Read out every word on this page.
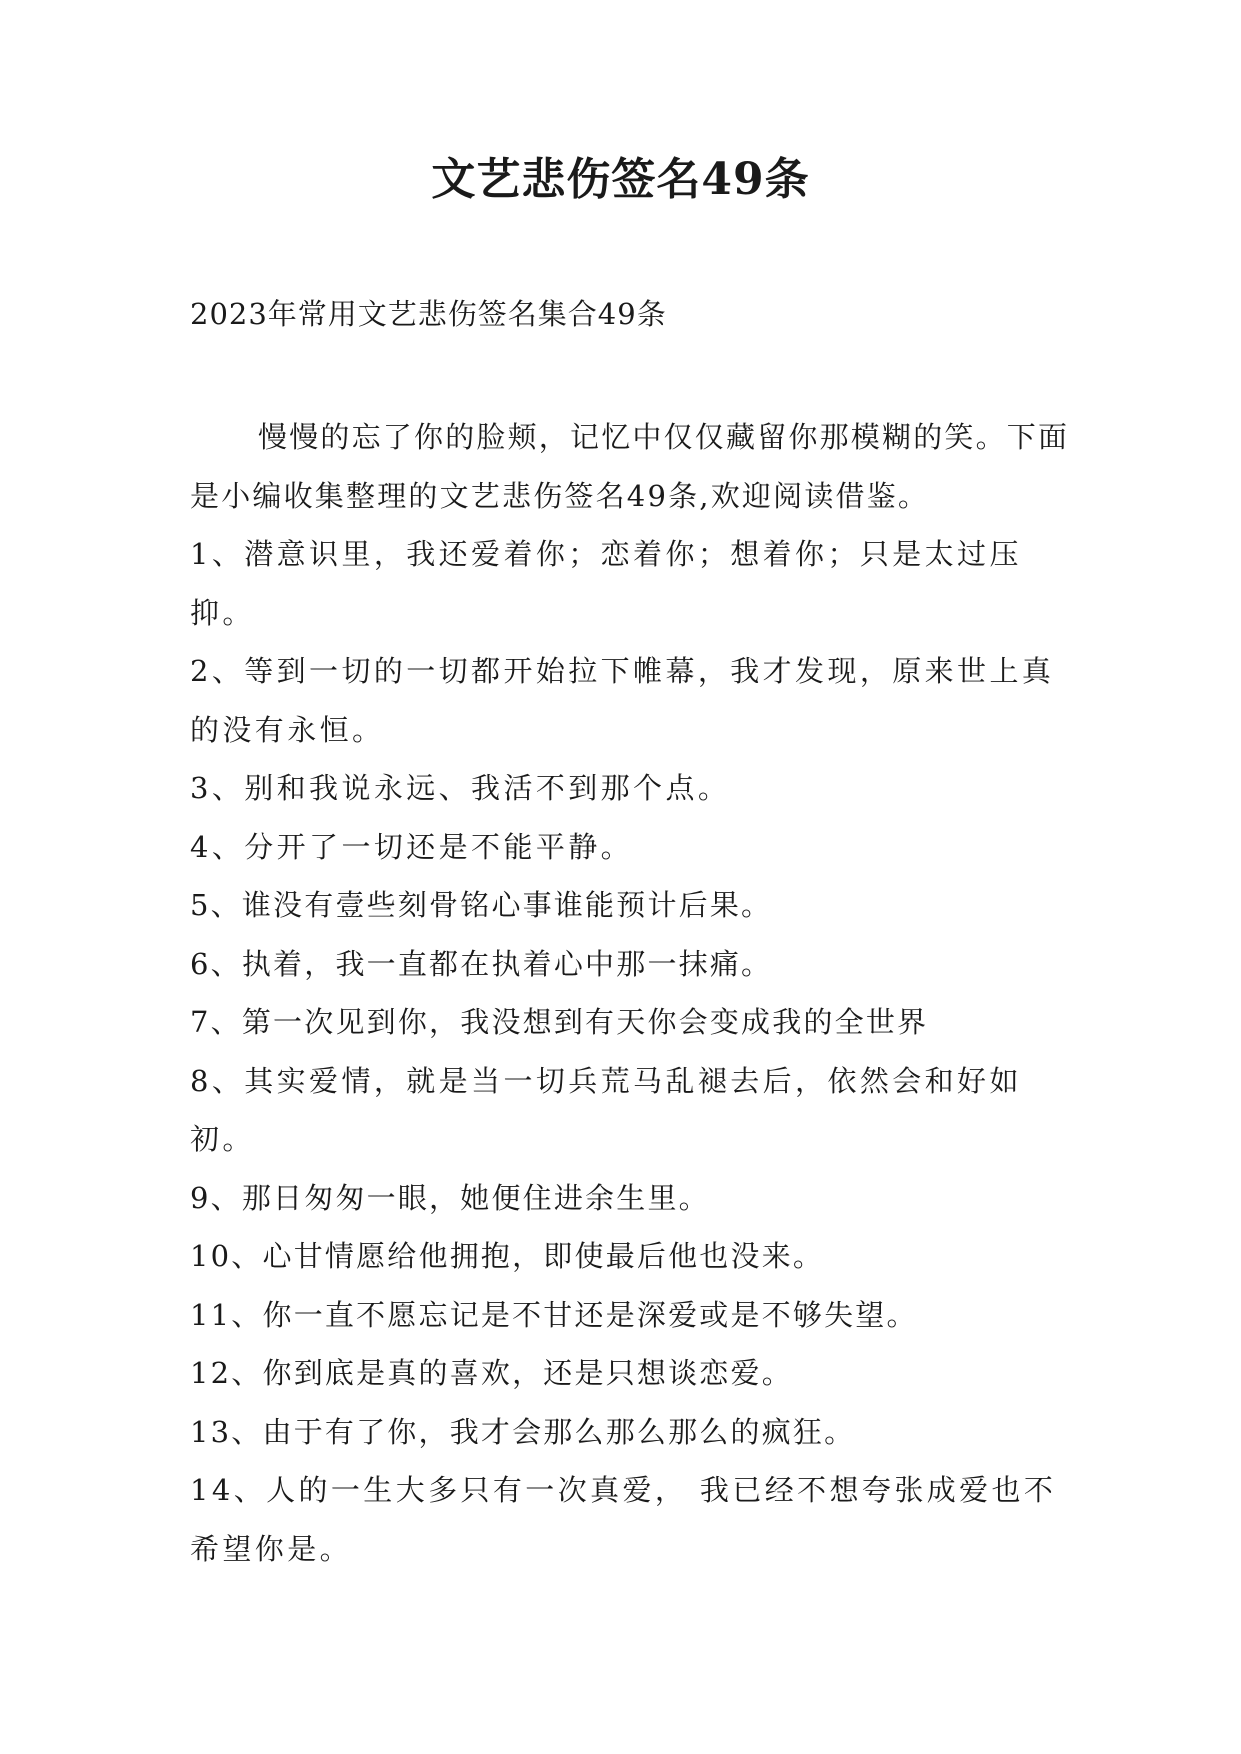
文艺悲伤签名49条
2023年常用文艺悲伤签名集合49条

慢慢的忘了你的脸颊，记忆中仅仅藏留你那模糊的笑。下面是小编收集整理的文艺悲伤签名49条,欢迎阅读借鉴。

1、潜意识里，我还爱着你；恋着你；想着你；只是太过压抑。

2、等到一切的一切都开始拉下帷幕，我才发现，原来世上真的没有永恒。

3、别和我说永远、我活不到那个点。

4、分开了一切还是不能平静。

5、谁没有壹些刻骨铭心事谁能预计后果。

6、执着，我一直都在执着心中那一抹痛。

7、第一次见到你，我没想到有天你会变成我的全世界

8、其实爱情，就是当一切兵荒马乱褪去后，依然会和好如初。

9、那日匆匆一眼，她便住进余生里。

10、心甘情愿给他拥抱，即使最后他也没来。

11、你一直不愿忘记是不甘还是深爱或是不够失望。

12、你到底是真的喜欢，还是只想谈恋爱。

13、由于有了你，我才会那么那么那么的疯狂。

14、人的一生大多只有一次真爱， 我已经不想夸张成爱也不希望你是。
